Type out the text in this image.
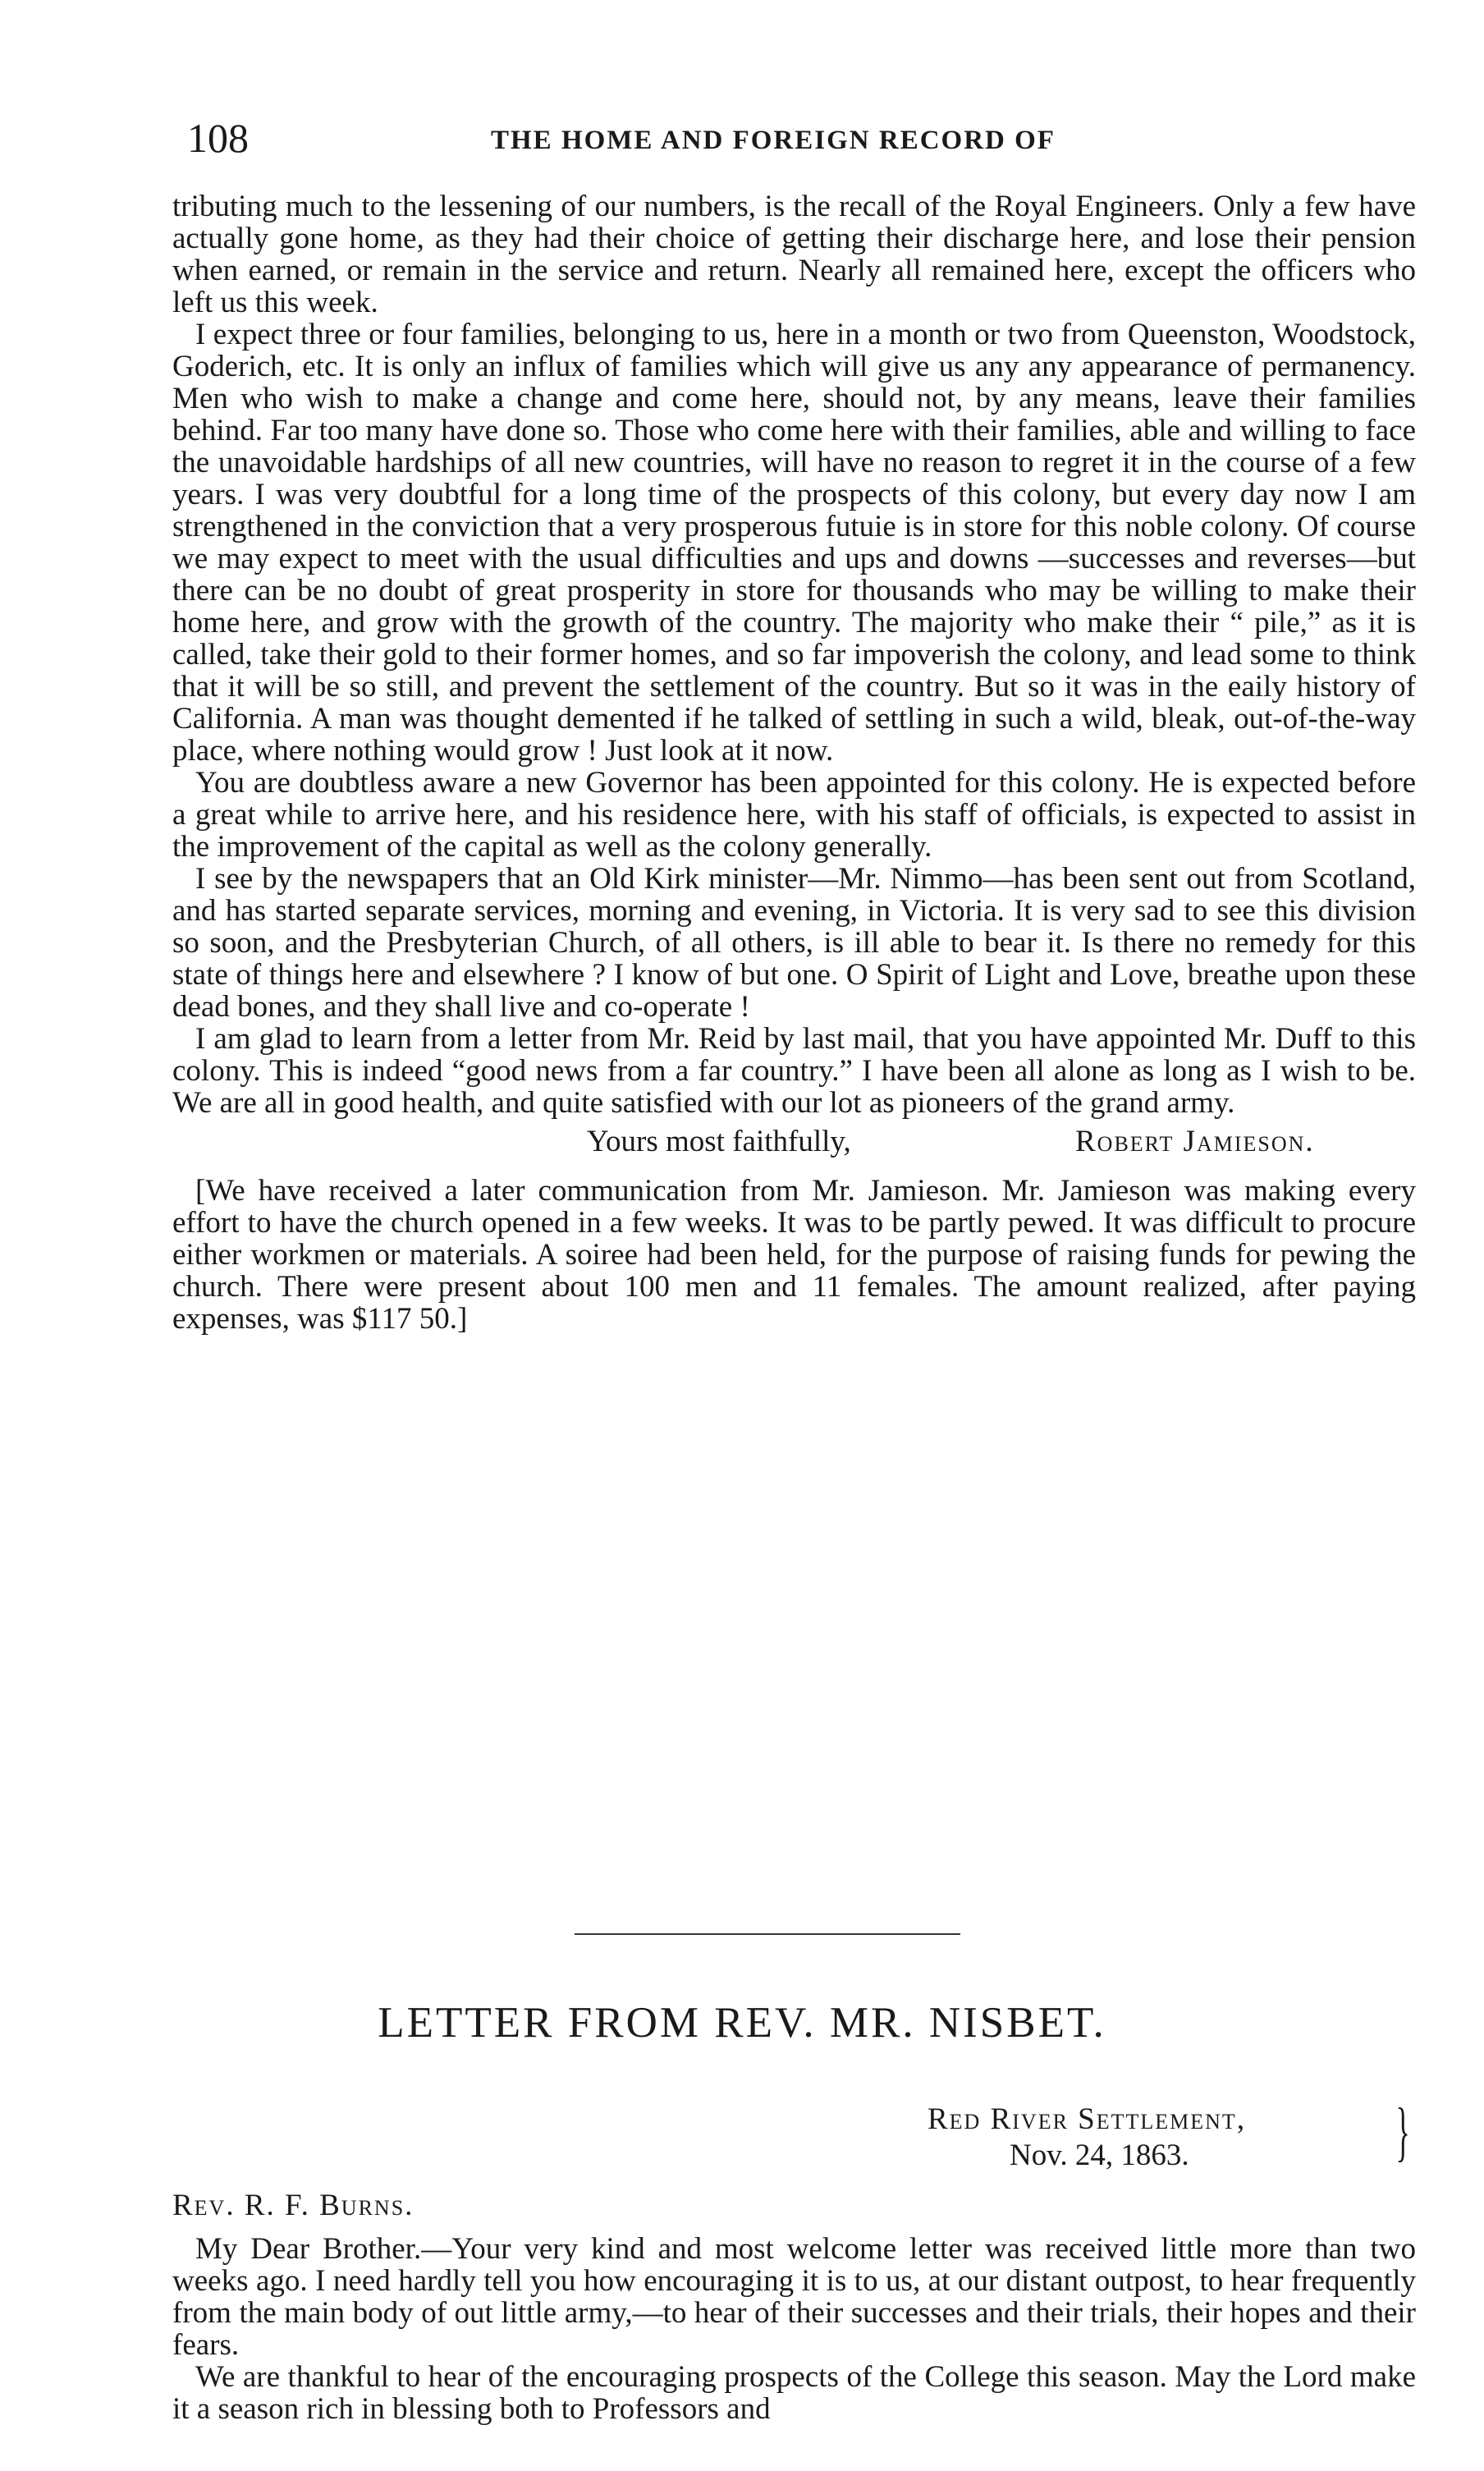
108	THE HOME AND FOREIGN RECORD OF

tributing much to the lessening of our numbers, is the recall of the Royal Engineers. Only a few have actually gone home, as they had their choice of getting their discharge here, and lose their pension when earned, or remain in the service and return. Nearly all remained here, except the officers who left us this week.

I expect three or four families, belonging to us, here in a month or two from Queenston, Woodstock, Goderich, etc. It is only an influx of families which will give us any any appearance of permanency. Men who wish to make a change and come here, should not, by any means, leave their families behind. Far too many have done so. Those who come here with their families, able and willing to face the unavoidable hardships of all new countries, will have no reason to regret it in the course of a few years. I was very doubtful for a long time of the prospects of this colony, but every day now I am strengthened in the conviction that a very prosperous futuie is in store for this noble colony. Of course we may expect to meet with the usual difficulties and ups and downs —successes and reverses—but there can be no doubt of great prosperity in store for thousands who may be willing to make their home here, and grow with the growth of the country. The majority who make their “ pile,” as it is called, take their gold to their former homes, and so far impoverish the colony, and lead some to think that it will be so still, and prevent the settlement of the country. But so it was in the eaily history of California. A man was thought demented if he talked of settling in such a wild, bleak, out-of-the-way place, where nothing would grow ! Just look at it now.

You are doubtless aware a new Governor has been appointed for this colony. He is expected before a great while to arrive here, and his residence here, with his staff of officials, is expected to assist in the improvement of the capital as well as the colony generally.

I see by the newspapers that an Old Kirk minister—Mr. Nimmo—has been sent out from Scotland, and has started separate services, morning and evening, in Victoria. It is very sad to see this division so soon, and the Presbyterian Church, of all others, is ill able to bear it. Is there no remedy for this state of things here and elsewhere ? I know of but one. O Spirit of Light and Love, breathe upon these dead bones, and they shall live and co-operate !

I am glad to learn from a letter from Mr. Reid by last mail, that you have appointed Mr. Duff to this colony. This is indeed “good news from a far country.” I have been all alone as long as I wish to be. We are all in good health, and quite satisfied with our lot as pioneers of the grand army.

Yours most faithfully,	Robert Jamieson.

[We have received a later communication from Mr. Jamieson. Mr. Jamieson was making every effort to have the church opened in a few weeks. It was to be partly pewed. It was difficult to procure either workmen or materials. A soiree had been held, for the purpose of raising funds for pewing the church. There were present about 100 men and 11 females. The amount realized, after paying expenses, was $117 50.]

LETTER FROM REV. MR. NISBET.
Red River Settlement,
Nov. 24, 1863.	}
Rev. R. F. Burns.

My Dear Brother.—Your very kind and most welcome letter was received little more than two weeks ago. I need hardly tell you how encouraging it is to us, at our distant outpost, to hear frequently from the main body of out little army,—to hear of their successes and their trials, their hopes and their fears.

We are thankful to hear of the encouraging prospects of the College this season. May the Lord make it a season rich in blessing both to Professors and
